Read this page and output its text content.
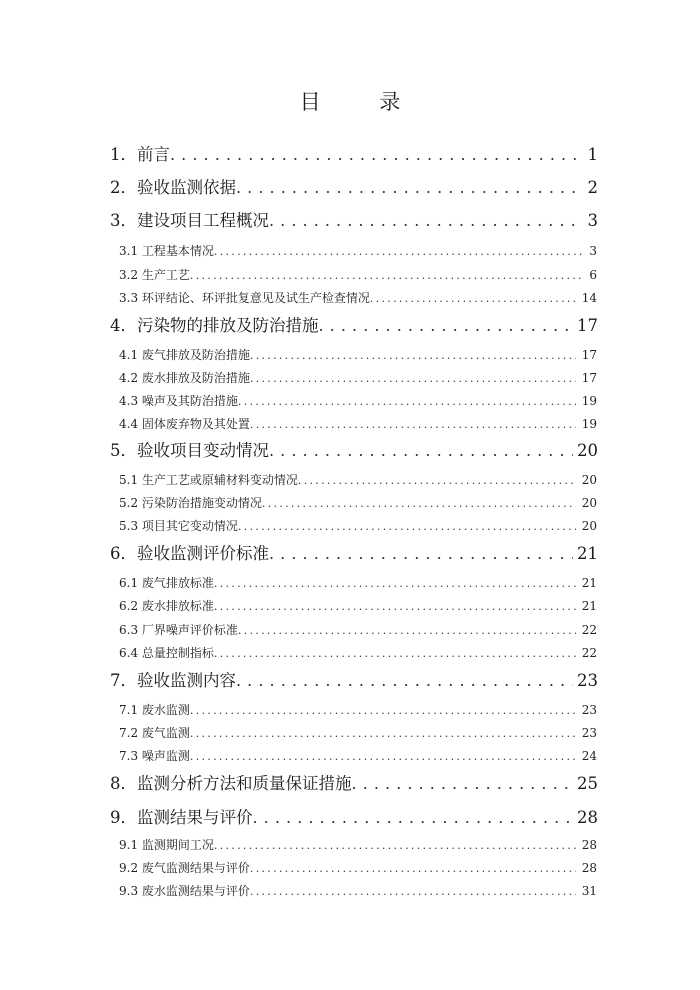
目 录
1．前言 . . .	1
2．验收监测依据 . . .	2
3．建设项目工程概况 . . .	3
3.1 工程基本情况 . . .	3
3.2 生产工艺 . . .	6
3.3 环评结论、环评批复意见及试生产检查情况 . . .	14
4．污染物的排放及防治措施 . . .	17
4.1 废气排放及防治措施 . . .	17
4.2 废水排放及防治措施 . . .	17
4.3 噪声及其防治措施 . . .	19
4.4 固体废弃物及其处置 . . .	19
5．验收项目变动情况 . . .	20
5.1 生产工艺或原辅材料变动情况 . . .	20
5.2 污染防治措施变动情况 . . .	20
5.3 项目其它变动情况 . . .	20
6．验收监测评价标准 . . .	21
6.1 废气排放标准 . . .	21
6.2 废水排放标准 . . .	21
6.3 厂界噪声评价标准 . . .	22
6.4 总量控制指标 . . .	22
7．验收监测内容 . . .	23
7.1 废水监测 . . .	23
7.2 废气监测 . . .	23
7.3 噪声监测 . . .	24
8．监测分析方法和质量保证措施 . . .	25
9．监测结果与评价 . . .	28
9.1 监测期间工况 . . .	28
9.2 废气监测结果与评价 . . .	28
9.3 废水监测结果与评价 . . .	31
